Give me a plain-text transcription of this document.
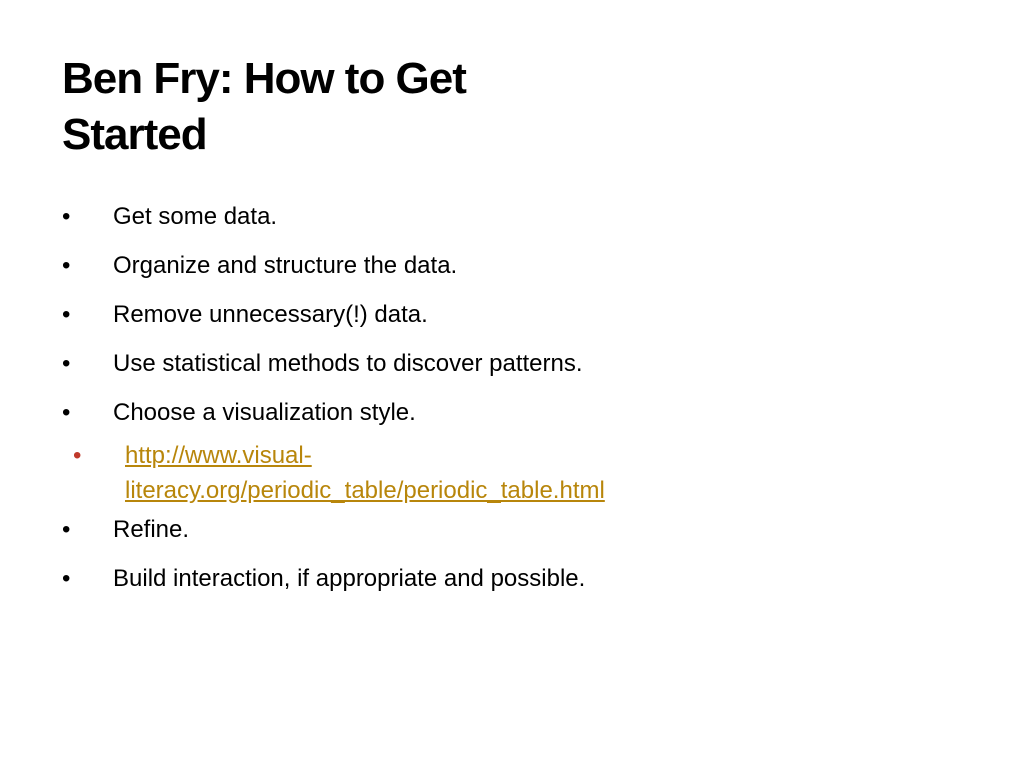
Ben Fry: How to Get Started
•	Get some data.
•	Organize and structure the data.
•	Remove unnecessary(!) data.
•	Use statistical methods to discover patterns.
•	Choose a visualization style.
•	http://www.visual-
literacy.org/periodic_table/periodic_table.html
•	Refine.
•	Build interaction, if appropriate and possible.
